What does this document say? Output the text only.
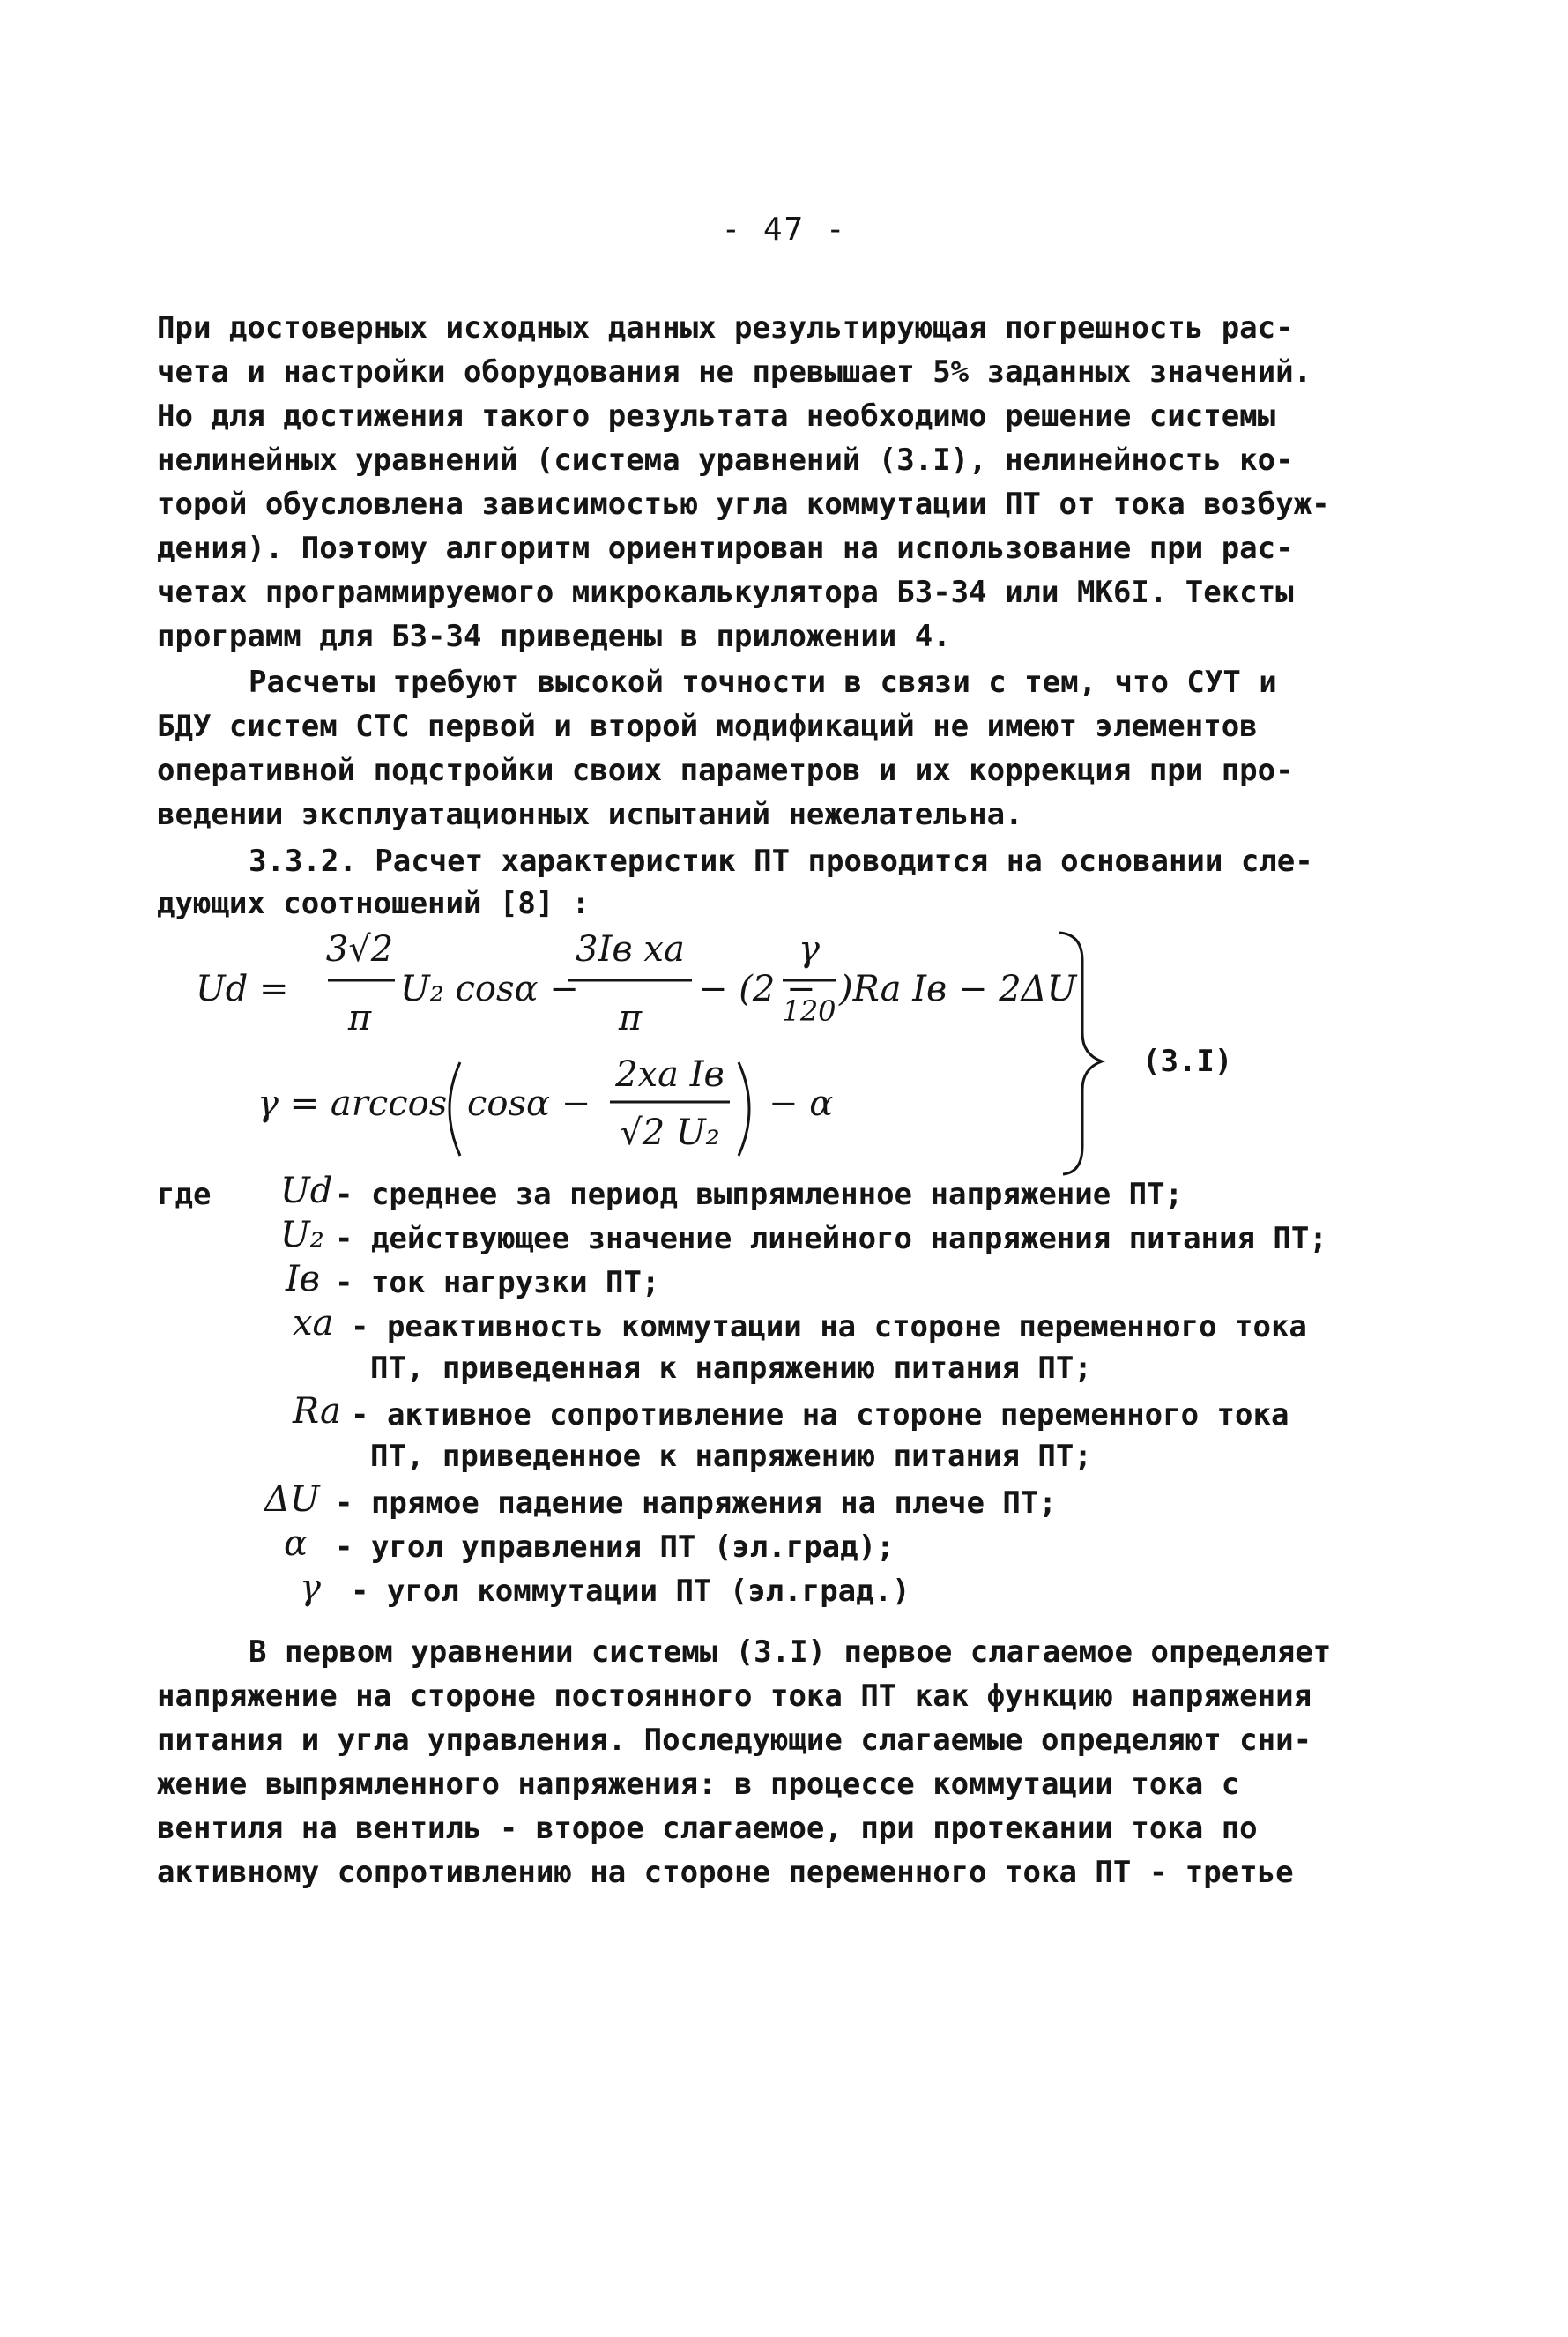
- 47 -
При достоверных исходных данных результирующая погрешность рас-
чета и настройки оборудования не превышает 5% заданных значений.
Но для достижения такого результата необходимо решение системы
нелинейных уравнений (система уравнений (3.I), нелинейность ко-
торой обусловлена зависимостью угла коммутации ПТ от тока возбуж-
дения). Поэтому алгоритм ориентирован на использование при рас-
четах программируемого микрокалькулятора БЗ-34 или МК6I. Тексты
программ для БЗ-34 приведены в приложении 4.
Расчеты требуют высокой точности в связи с тем, что СУТ и
БДУ систем СТС первой и второй модификаций не имеют элементов
оперативной подстройки своих параметров и их коррекция при про-
ведении эксплуатационных испытаний нежелательна.
3.3.2. Расчет характеристик ПТ проводится на основании сле-
дующих соотношений [8] :
Ud =
3√2
π
U₂ cosα −
3Iв xa
π
− (2 −
γ
120
)Ra Iв − 2ΔU
γ = arccos cosα −
2xa Iв
√2 U₂
− α
(3.I)
где Ud - среднее за период выпрямленное напряжение ПТ;
U₂ - действующее значение линейного напряжения питания ПТ;
Iв - ток нагрузки ПТ;
xa - реактивность коммутации на стороне переменного тока
ПТ, приведенная к напряжению питания ПТ;
Ra - активное сопротивление на стороне переменного тока
ПТ, приведенное к напряжению питания ПТ;
ΔU - прямое падение напряжения на плече ПТ;
α - угол управления ПТ (эл.град);
γ - угол коммутации ПТ (эл.град.)
В первом уравнении системы (3.I) первое слагаемое определяет
напряжение на стороне постоянного тока ПТ как функцию напряжения
питания и угла управления. Последующие слагаемые определяют сни-
жение выпрямленного напряжения: в процессе коммутации тока с
вентиля на вентиль - второе слагаемое, при протекании тока по
активному сопротивлению на стороне переменного тока ПТ - третье
